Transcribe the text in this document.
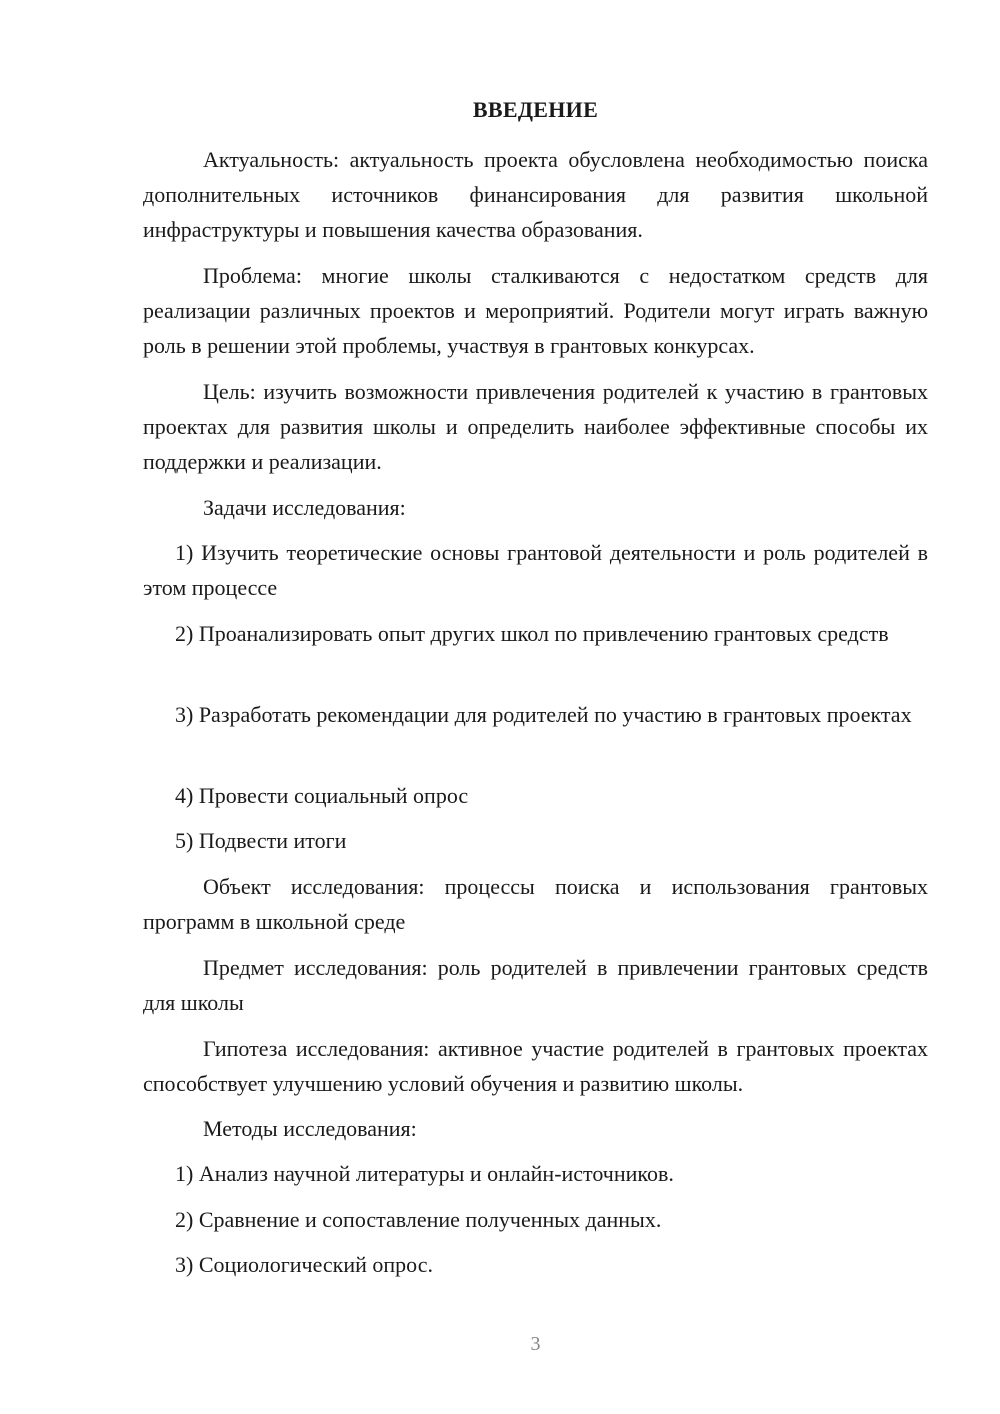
ВВЕДЕНИЕ

Актуальность: актуальность проекта обусловлена необходимостью поиска дополнительных источников финансирования для развития школьной инфраструктуры и повышения качества образования.

Проблема: многие школы сталкиваются с недостатком средств для реализации различных проектов и мероприятий. Родители могут играть важную роль в решении этой проблемы, участвуя в грантовых конкурсах.

Цель: изучить возможности привлечения родителей к участию в грантовых проектах для развития школы и определить наиболее эффективные способы их поддержки и реализации.

Задачи исследования:

1) Изучить теоретические основы грантовой деятельности и роль родителей в этом процессе

2) Проанализировать опыт других школ по привлечению грантовых средств

3) Разработать рекомендации для родителей по участию в грантовых проектах

4) Провести социальный опрос

5) Подвести итоги

Объект исследования: процессы поиска и использования грантовых программ в школьной среде

Предмет исследования: роль родителей в привлечении грантовых средств для школы

Гипотеза исследования: активное участие родителей в грантовых проектах способствует улучшению условий обучения и развитию школы.

Методы исследования:

1) Анализ научной литературы и онлайн-источников.

2) Сравнение и сопоставление полученных данных.

3) Социологический опрос.

3
